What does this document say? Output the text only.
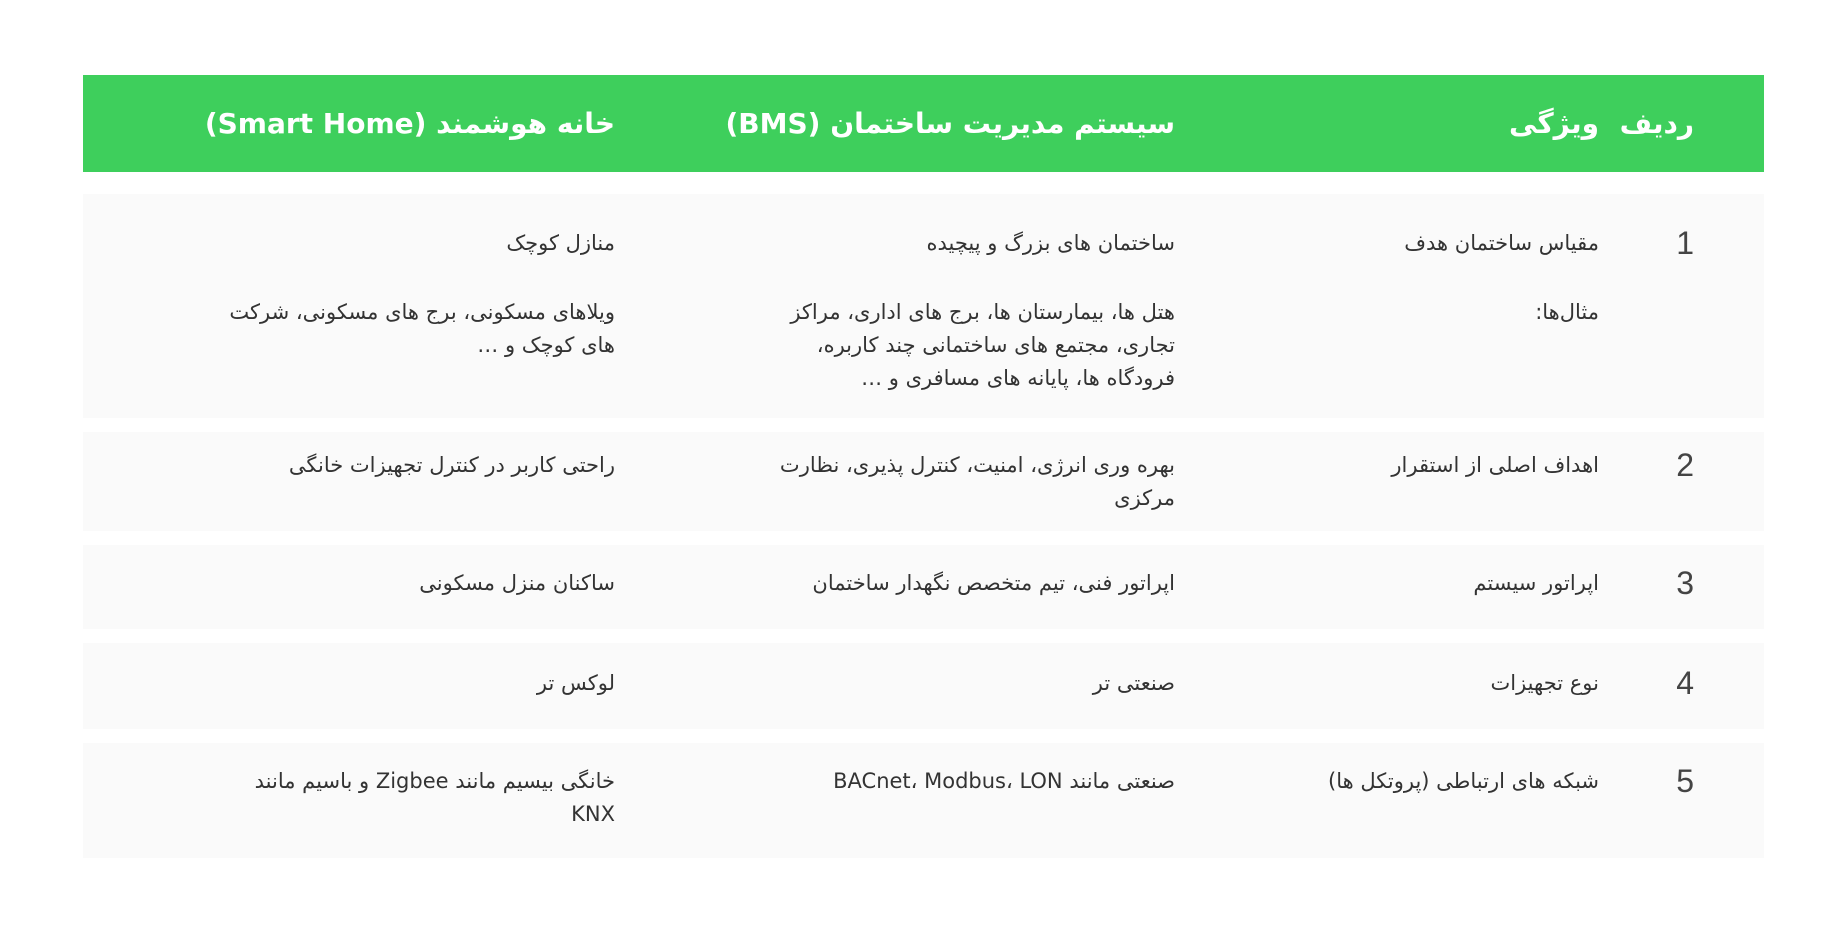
ردیف
ویژگی
سیستم مدیریت ساختمان (BMS)
خانه هوشمند (Smart Home)
1
مقیاس ساختمان هدف
مثال‌ها:
ساختمان های بزرگ و پیچیده
هتل ها، بیمارستان ها، برج های اداری، مراکز تجاری، مجتمع های ساختمانی چند کاربره، فرودگاه ها، پایانه های مسافری و …
منازل کوچک
ویلاهای مسکونی، برج های مسکونی، شرکت های کوچک و …
2
اهداف اصلی از استقرار
بهره وری انرژی، امنیت، کنترل پذیری، نظارت مرکزی
راحتی کاربر در کنترل تجهیزات خانگی
3
اپراتور سیستم
اپراتور فنی، تیم متخصص نگهدار ساختمان
ساکنان منزل مسکونی
4
نوع تجهیزات
صنعتی تر
لوکس تر
5
شبکه های ارتباطی (پروتکل ها)
صنعتی مانند BACnet، Modbus، LON
خانگی بیسیم مانند Zigbee و باسیم مانند KNX
